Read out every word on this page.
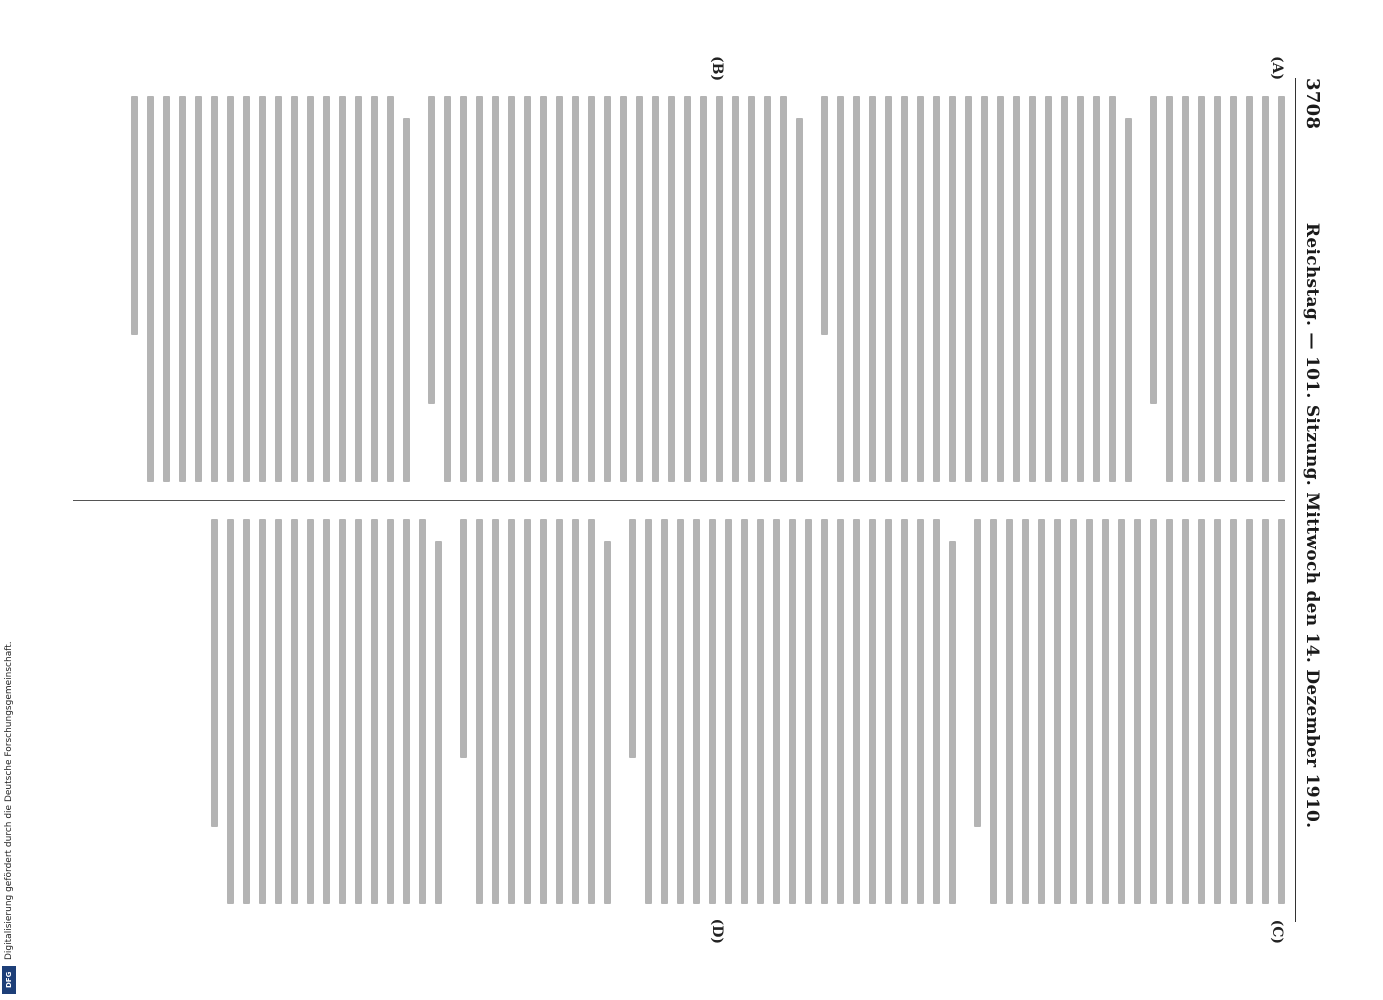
Digitalisierung gefördert durch die Deutsche Forschungsgemeinschaft.
DFG
3708
Reichstag. — 101. Sitzung. Mittwoch den 14. Dezember 1910.
(A)
(B)
(C)
(D)
